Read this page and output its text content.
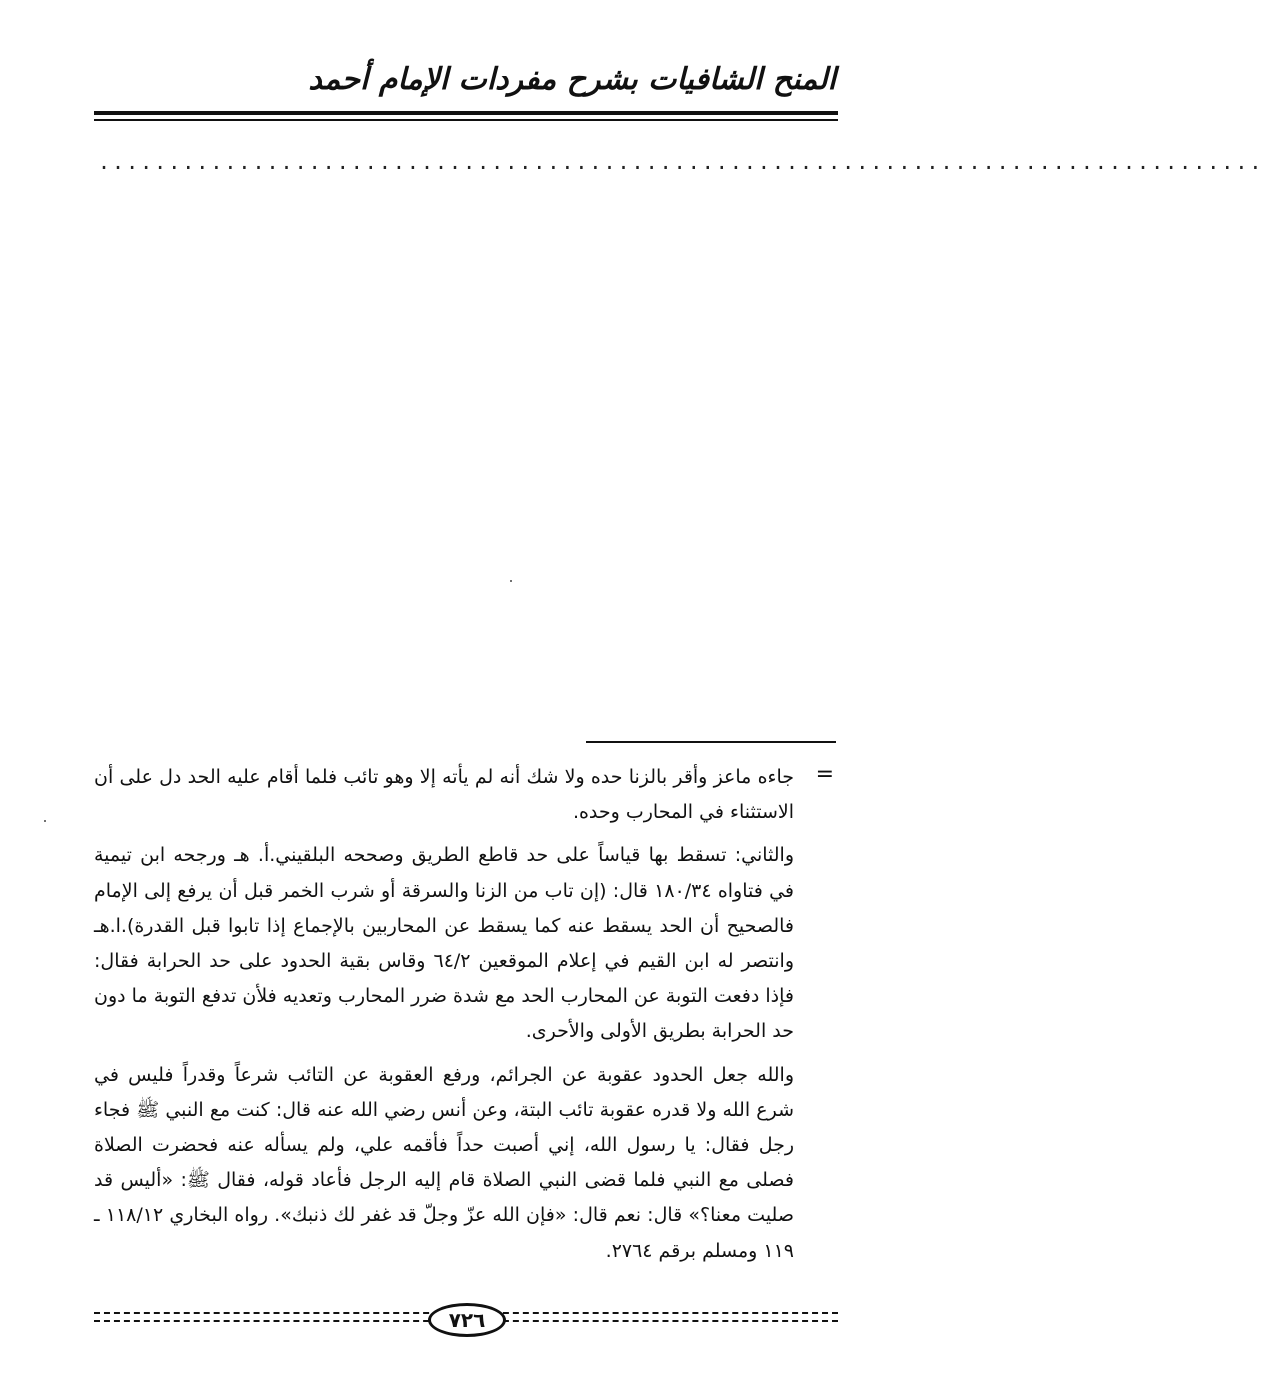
المنح الشافيات بشرح مفردات الإمام أحمد
...................................................................................
=

جاءه ماعز وأقر بالزنا حده ولا شك أنه لم يأته إلا وهو تائب فلما أقام عليه الحد دل على أن الاستثناء في المحارب وحده.

والثاني: تسقط بها قياساً على حد قاطع الطريق وصححه البلقيني.أ. هـ ورجحه ابن تيمية في فتاواه ١٨٠/٣٤ قال: (إن تاب من الزنا والسرقة أو شرب الخمر قبل أن يرفع إلى الإمام فالصحيح أن الحد يسقط عنه كما يسقط عن المحاربين بالإجماع إذا تابوا قبل القدرة).ا.هـ وانتصر له ابن القيم في إعلام الموقعين ٦٤/٢ وقاس بقية الحدود على حد الحرابة فقال: فإذا دفعت التوبة عن المحارب الحد مع شدة ضرر المحارب وتعديه فلأن تدفع التوبة ما دون حد الحرابة بطريق الأولى والأحرى.

والله جعل الحدود عقوبة عن الجرائم، ورفع العقوبة عن التائب شرعاً وقدراً فليس في شرع الله ولا قدره عقوبة تائب البتة، وعن أنس رضي الله عنه قال: كنت مع النبي ﷺ فجاء رجل فقال: يا رسول الله، إني أصبت حداً فأقمه علي، ولم يسأله عنه فحضرت الصلاة فصلى مع النبي فلما قضى النبي الصلاة قام إليه الرجل فأعاد قوله، فقال ﷺ: «أليس قد صليت معنا؟» قال: نعم قال: «فإن الله عزّ وجلّ قد غفر لك ذنبك». رواه البخاري ١١٨/١٢ ـ ١١٩ ومسلم برقم ٢٧٦٤.

٧٢٦
